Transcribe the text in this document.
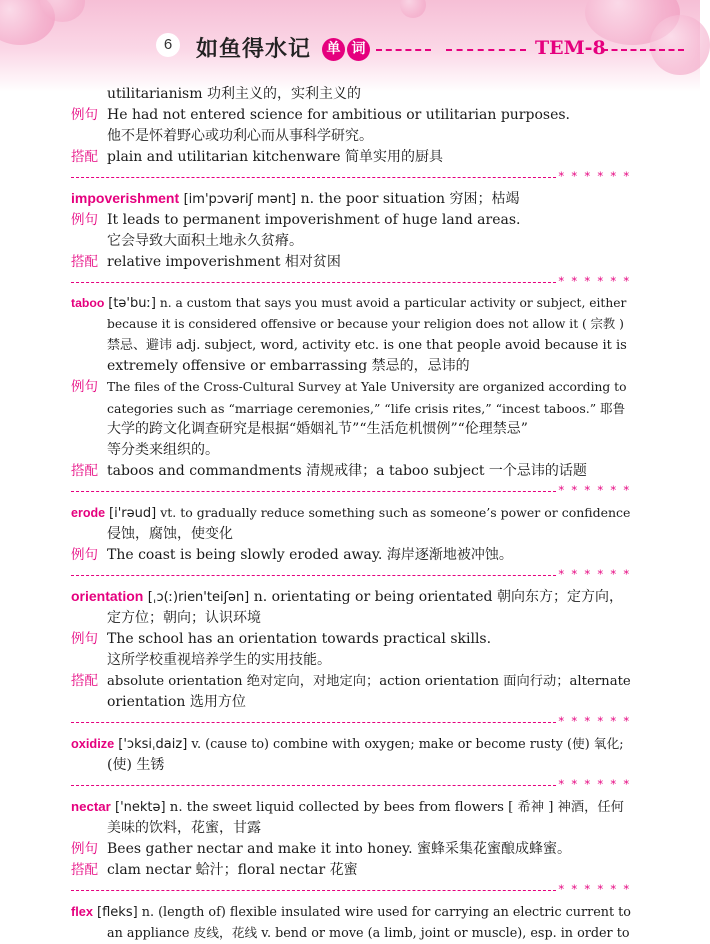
6	如鱼得水记	单 词	TEM-8
utilitarianism 功利主义的，实利主义的
例句 He had not entered science for ambitious or utilitarian purposes.
他不是怀着野心或功利心而从事科学研究。
搭配 plain and utilitarian kitchenware 简单实用的厨具
* * * * * *
impoverishment [im'pɔvəriʃ mənt] n. the poor situation 穷困；枯竭
例句 It leads to permanent impoverishment of huge land areas.
它会导致大面积土地永久贫瘠。
搭配 relative impoverishment 相对贫困
* * * * * *
taboo [tə'buː] n. a custom that says you must avoid a particular activity or subject, either
because it is considered offensive or because your religion does not allow it ( 宗教 )
禁忌、避讳 adj. subject, word, activity etc. is one that people avoid because it is
extremely offensive or embarrassing 禁忌的，忌讳的
例句 The files of the Cross-Cultural Survey at Yale University are organized according to
categories such as “marriage ceremonies,” “life crisis rites,” “incest taboos.” 耶鲁
大学的跨文化调查研究是根据“婚姻礼节”“生活危机惯例”“伦理禁忌”
等分类来组织的。
搭配 taboos and commandments 清规戒律；a taboo subject 一个忌讳的话题
* * * * * *
erode [i'rəud] vt. to gradually reduce something such as someone’s power or confidence
侵蚀，腐蚀，使变化
例句 The coast is being slowly eroded away. 海岸逐渐地被冲蚀。
* * * * * *
orientation [ˌɔ(ː)rien'teiʃən] n. orientating or being orientated 朝向东方；定方向，
定方位；朝向；认识环境
例句 The school has an orientation towards practical skills.
这所学校重视培养学生的实用技能。
搭配 absolute orientation 绝对定向，对地定向；action orientation 面向行动；alternate
orientation 选用方位
* * * * * *
oxidize ['ɔksiˌdaiz] v. (cause to) combine with oxygen; make or become rusty (使) 氧化;
(使) 生锈
* * * * * *
nectar ['nektə] n. the sweet liquid collected by bees from flowers [ 希神 ] 神酒，任何
美味的饮料，花蜜，甘露
例句 Bees gather nectar and make it into honey. 蜜蜂采集花蜜酿成蜂蜜。
搭配 clam nectar 蛤汁；floral nectar 花蜜
* * * * * *
flex [fleks] n. (length of) flexible insulated wire used for carrying an electric current to
an appliance 皮线，花线 v. bend or move (a limb, joint or muscle), esp. in order to
